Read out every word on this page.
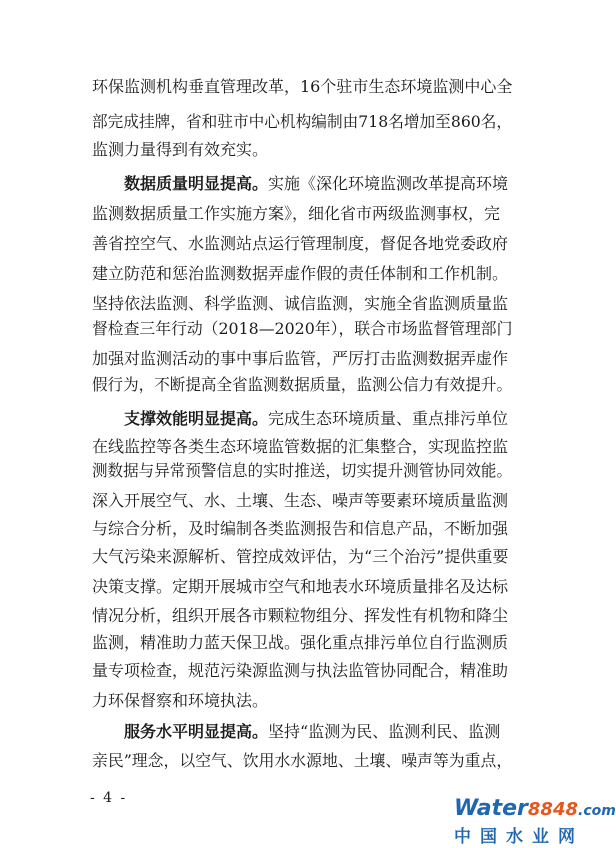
环保监测机构垂直管理改革，16个驻市生态环境监测中心全
部完成挂牌，省和驻市中心机构编制由718名增加至860名，
监测力量得到有效充实。
数据质量明显提高。实施《深化环境监测改革提高环境
监测数据质量工作实施方案》，细化省市两级监测事权，完
善省控空气、水监测站点运行管理制度，督促各地党委政府
建立防范和惩治监测数据弄虚作假的责任体制和工作机制。
坚持依法监测、科学监测、诚信监测，实施全省监测质量监
督检查三年行动（2018—2020年），联合市场监督管理部门
加强对监测活动的事中事后监管，严厉打击监测数据弄虚作
假行为，不断提高全省监测数据质量，监测公信力有效提升。
支撑效能明显提高。完成生态环境质量、重点排污单位
在线监控等各类生态环境监管数据的汇集整合，实现监控监
测数据与异常预警信息的实时推送，切实提升测管协同效能。
深入开展空气、水、土壤、生态、噪声等要素环境质量监测
与综合分析，及时编制各类监测报告和信息产品，不断加强
大气污染来源解析、管控成效评估，为“三个治污”提供重要
决策支撑。定期开展城市空气和地表水环境质量排名及达标
情况分析，组织开展各市颗粒物组分、挥发性有机物和降尘
监测，精准助力蓝天保卫战。强化重点排污单位自行监测质
量专项检查，规范污染源监测与执法监管协同配合，精准助
力环保督察和环境执法。
服务水平明显提高。坚持“监测为民、监测利民、监测
亲民”理念，以空气、饮用水水源地、土壤、噪声等为重点，
- 4 -	Water8848.com
中国水业网
